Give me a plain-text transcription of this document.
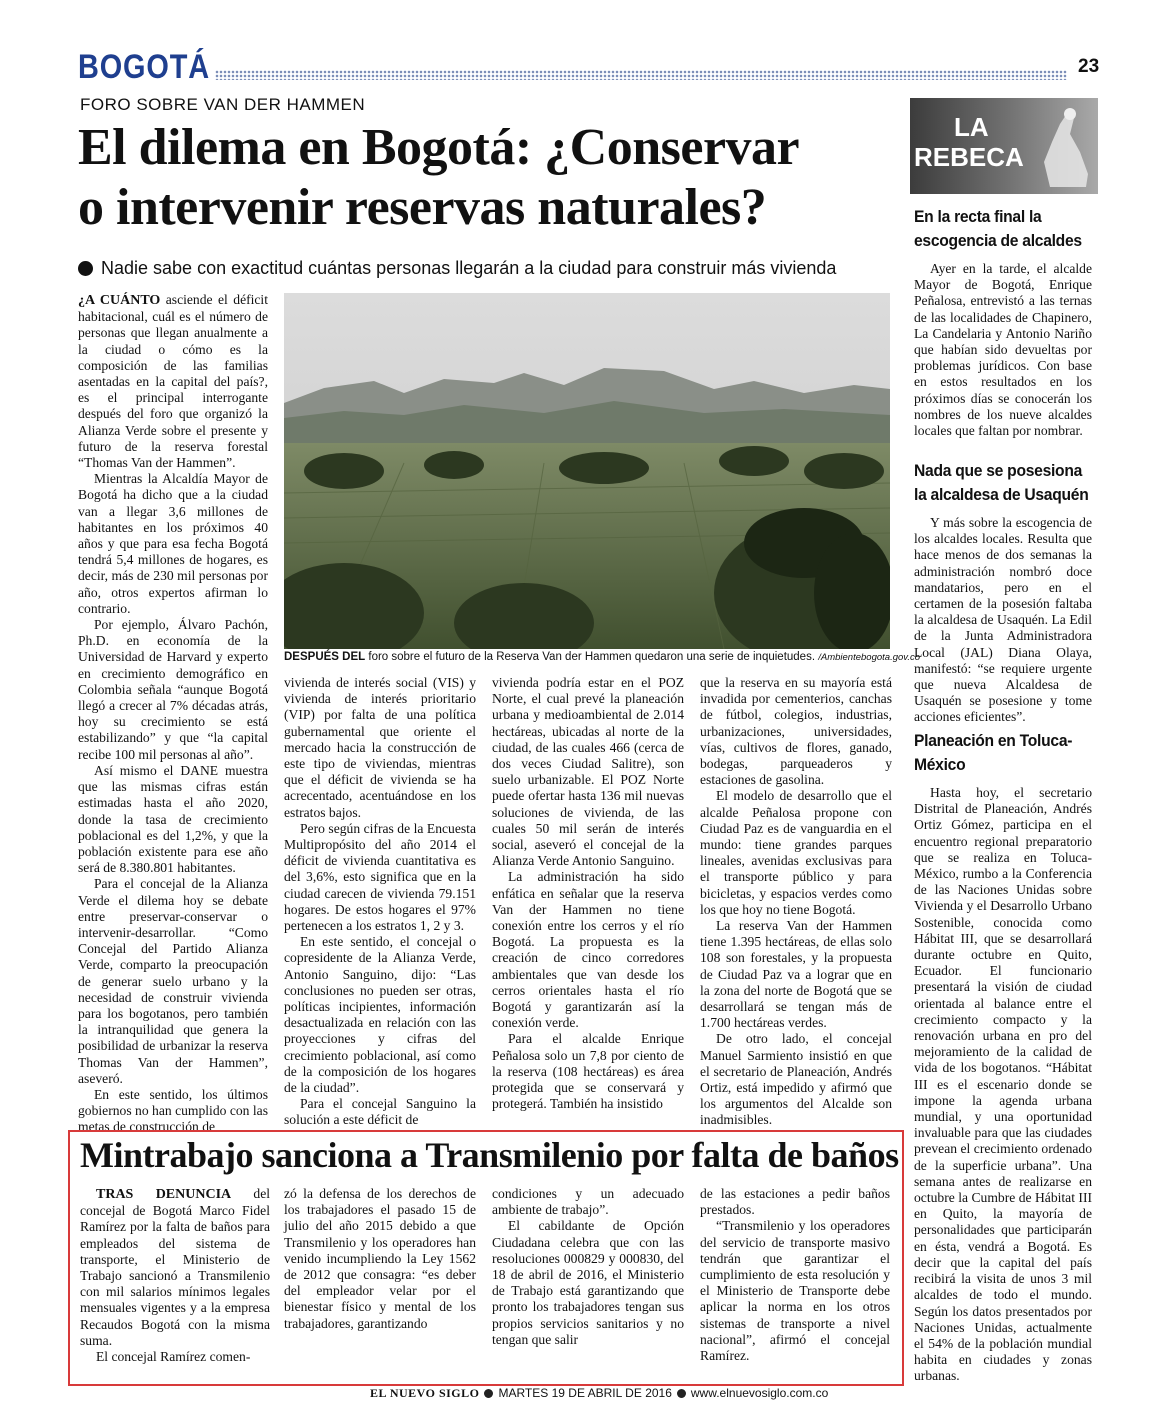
BOGOTÁ	23
FORO SOBRE VAN DER HAMMEN
El dilema en Bogotá: ¿Conservar
o intervenir reservas naturales?
Nadie sabe con exactitud cuántas personas llegarán a la ciudad para construir más vivienda
DESPUÉS DEL foro sobre el futuro de la Reserva Van der Hammen quedaron una serie de inquietudes. /Ambientebogota.gov.co

¿A CUÁNTO asciende el déficit habitacional, cuál es el número de personas que llegan anualmente a la ciudad o cómo es la composición de las familias asentadas en la capital del país?, es el principal interrogante después del foro que organizó la Alianza Verde sobre el presente y futuro de la reserva forestal “Thomas Van der Hammen”.

Mientras la Alcaldía Mayor de Bogotá ha dicho que a la ciudad van a llegar 3,6 millones de habitantes en los próximos 40 años y que para esa fecha Bogotá tendrá 5,4 millones de hogares, es decir, más de 230 mil personas por año, otros expertos afirman lo contrario.

Por ejemplo, Álvaro Pachón, Ph.D. en economía de la Universidad de Harvard y experto en crecimiento demográfico en Colombia señala “aunque Bogotá llegó a crecer al 7% décadas atrás, hoy su crecimiento se está estabilizando” y que “la capital recibe 100 mil personas al año”.

Así mismo el DANE muestra que las mismas cifras están estimadas hasta el año 2020, donde la tasa de crecimiento poblacional es del 1,2%, y que la población existente para ese año será de 8.380.801 habitantes.

Para el concejal de la Alianza Verde el dilema hoy se debate entre preservar-conservar o intervenir-desarrollar. “Como Concejal del Partido Alianza Verde, comparto la preocupación de generar suelo urbano y la necesidad de construir vivienda para los bogotanos, pero también la intranquilidad que genera la posibilidad de urbanizar la reserva Thomas Van der Hammen”, aseveró.

En este sentido, los últimos gobiernos no han cumplido con las metas de construcción de

vivienda de interés social (VIS) y vivienda de interés prioritario (VIP) por falta de una política gubernamental que oriente el mercado hacia la construcción de este tipo de viviendas, mientras que el déficit de vivienda se ha acrecentado, acentuándose en los estratos bajos.

Pero según cifras de la Encuesta Multipropósito del año 2014 el déficit de vivienda cuantitativa es del 3,6%, esto significa que en la ciudad carecen de vivienda 79.151 hogares. De estos hogares el 97% pertenecen a los estratos 1, 2 y 3.

En este sentido, el concejal o copresidente de la Alianza Verde, Antonio Sanguino, dijo: “Las conclusiones no pueden ser otras, políticas incipientes, información desactualizada en relación con las proyecciones y cifras del crecimiento poblacional, así como de la composición de los hogares de la ciudad”.

Para el concejal Sanguino la solución a este déficit de

vivienda podría estar en el POZ Norte, el cual prevé la planeación urbana y medioambiental de 2.014 hectáreas, ubicadas al norte de la ciudad, de las cuales 466 (cerca de dos veces Ciudad Salitre), son suelo urbanizable. El POZ Norte puede ofertar hasta 136 mil nuevas soluciones de vivienda, de las cuales 50 mil serán de interés social, aseveró el concejal de la Alianza Verde Antonio Sanguino.

La administración ha sido enfática en señalar que la reserva Van der Hammen no tiene conexión entre los cerros y el río Bogotá. La propuesta es la creación de cinco corredores ambientales que van desde los cerros orientales hasta el río Bogotá y garantizarán así la conexión verde.

Para el alcalde Enrique Peñalosa solo un 7,8 por ciento de la reserva (108 hectáreas) es área protegida que se conservará y protegerá. También ha insistido

que la reserva en su mayoría está invadida por cementerios, canchas de fútbol, colegios, industrias, urbanizaciones, universidades, vías, cultivos de flores, ganado, bodegas, parqueaderos y estaciones de gasolina.

El modelo de desarrollo que el alcalde Peñalosa propone con Ciudad Paz es de vanguardia en el mundo: tiene grandes parques lineales, avenidas exclusivas para el transporte público y para bicicletas, y espacios verdes como los que hoy no tiene Bogotá.

La reserva Van der Hammen tiene 1.395 hectáreas, de ellas solo 108 son forestales, y la propuesta de Ciudad Paz va a lograr que en la zona del norte de Bogotá que se desarrollará se tengan más de 1.700 hectáreas verdes.

De otro lado, el concejal Manuel Sarmiento insistió en que el secretario de Planeación, Andrés Ortiz, está impedido y afirmó que los argumentos del Alcalde son inadmisibles.

Mintrabajo sanciona a Transmilenio por falta de baños

TRAS DENUNCIA del concejal de Bogotá Marco Fidel Ramírez por la falta de baños para empleados del sistema de transporte, el Ministerio de Trabajo sancionó a Transmilenio con mil salarios mínimos legales mensuales vigentes y a la empresa Recaudos Bogotá con la misma suma.

El concejal Ramírez comen-

zó la defensa de los derechos de los trabajadores el pasado 15 de julio del año 2015 debido a que Transmilenio y los operadores han venido incumpliendo la Ley 1562 de 2012 que consagra: “es deber del empleador velar por el bienestar físico y mental de los trabajadores, garantizando

condiciones y un adecuado ambiente de trabajo”.

El cabildante de Opción Ciudadana celebra que con las resoluciones 000829 y 000830, del 18 de abril de 2016, el Ministerio de Trabajo está garantizando que pronto los trabajadores tengan sus propios servicios sanitarios y no tengan que salir

de las estaciones a pedir baños prestados.

“Transmilenio y los operadores del servicio de transporte masivo tendrán que garantizar el cumplimiento de esta resolución y el Ministerio de Transporte debe aplicar la norma en los otros sistemas de transporte a nivel nacional”, afirmó el concejal Ramírez.

LA
REBECA
En la recta final la escogencia de alcaldes

Ayer en la tarde, el alcalde Mayor de Bogotá, Enrique Peñalosa, entrevistó a las ternas de las localidades de Chapinero, La Candelaria y Antonio Nariño que habían sido devueltas por problemas jurídicos. Con base en estos resultados en los próximos días se conocerán los nombres de los nueve alcaldes locales que faltan por nombrar.

Nada que se posesiona la alcaldesa de Usaquén

Y más sobre la escogencia de los alcaldes locales. Resulta que hace menos de dos semanas la administración nombró doce mandatarios, pero en el certamen de la posesión faltaba la alcaldesa de Usaquén. La Edil de la Junta Administradora Local (JAL) Diana Olaya, manifestó: “se requiere urgente que nueva Alcaldesa de Usaquén se posesione y tome acciones eficientes”.

Planeación en Toluca-México

Hasta hoy, el secretario Distrital de Planeación, Andrés Ortiz Gómez, participa en el encuentro regional preparatorio que se realiza en Toluca-México, rumbo a la Conferencia de las Naciones Unidas sobre Vivienda y el Desarrollo Urbano Sostenible, conocida como Hábitat III, que se desarrollará durante octubre en Quito, Ecuador. El funcionario presentará la visión de ciudad orientada al balance entre el crecimiento compacto y la renovación urbana en pro del mejoramiento de la calidad de vida de los bogotanos. “Hábitat III es el escenario donde se impone la agenda urbana mundial, y una oportunidad invaluable para que las ciudades prevean el crecimiento ordenado de la superficie urbana”. Una semana antes de realizarse en octubre la Cumbre de Hábitat III en Quito, la mayoría de personalidades que participarán en ésta, vendrá a Bogotá. Es decir que la capital del país recibirá la visita de unos 3 mil alcaldes de todo el mundo. Según los datos presentados por Naciones Unidas, actualmente el 54% de la población mundial habita en ciudades y zonas urbanas.

EL NUEVO SIGLO MARTES 19 DE ABRIL DE 2016 www.elnuevosiglo.com.co
